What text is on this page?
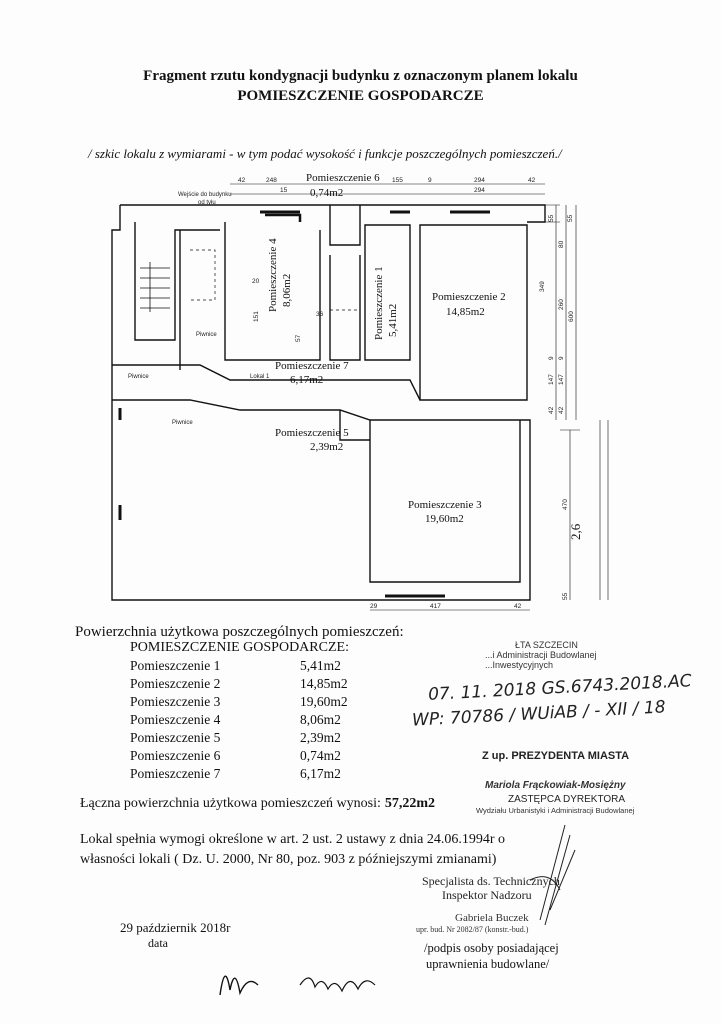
Fragment rzutu kondygnacji budynku z oznaczonym planem lokalu
POMIESZCZENIE GOSPODARCZE
/ szkic lokalu z wymiarami - w tym podać wysokość i funkcje poszczególnych pomieszczeń./
Pomieszczenie 6
0,74m2
Pomieszczenie 4 8,06m2	Pomieszczenie 1 5,41m2
Pomieszczenie 2
14,85m2
Pomieszczenie 7
6,17m2
Pomieszczenie 5
2,39m2
Pomieszczenie 3
19,60m2
Wejście do budynku
od tyłu
Piwnice
Piwnice
Piwnice
Lokal 1
42	248
15
155	9	294	42
294
55 55
349
600
80
260
9 9
147 147
42 42
470
55
2,6
29	417	42
20
151
57
36
Powierzchnia użytkowa poszczególnych pomieszczeń:
POMIESZCZENIE GOSPODARCZE:
Pomieszczenie 1	5,41m2
Pomieszczenie 2	14,85m2
Pomieszczenie 3	19,60m2
Pomieszczenie 4	8,06m2
Pomieszczenie 5	2,39m2
Pomieszczenie 6	0,74m2
Pomieszczenie 7	6,17m2
Łączna powierzchnia użytkowa pomieszczeń wynosi: 57,22m2
Lokal spełnia wymogi określone w art. 2 ust. 2 ustawy z dnia 24.06.1994r o własności lokali ( Dz. U. 2000, Nr 80, poz. 903 z późniejszymi zmianami)
ŁTA SZCZECIN
...i Administracji Budowlanej
...Inwestycyjnych
07. 11. 2018 GS.6743.2018.AC
WP: 70786 / WUiAB / - XII / 18
Z up. PREZYDENTA MIASTA
Mariola Frąckowiak-Mosiężny
ZASTĘPCA DYREKTORA
Wydziału Urbanistyki i Administracji Budowlanej
Specjalista ds. Technicznych
Inspektor Nadzoru
Gabriela Buczek
upr. bud. Nr 2082/87 (konstr.-bud.)
29 październik 2018r
data	/podpis osoby posiadającej
uprawnienia budowlane/
